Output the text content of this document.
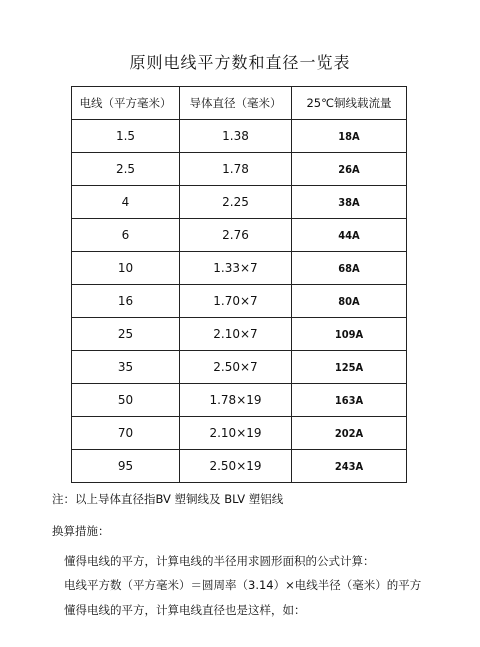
原则电线平方数和直径一览表
电线（平方毫米）	导体直径（毫米）	25℃铜线载流量
1.5	1.38	18A
2.5	1.78	26A
4	2.25	38A
6	2.76	44A
10	1.33×7	68A
16	1.70×7	80A
25	2.10×7	109A
35	2.50×7	125A
50	1.78×19	163A
70	2.10×19	202A
95	2.50×19	243A
注：以上导体直径指BV 塑铜线及 BLV 塑铝线
换算措施：
懂得电线的平方，计算电线的半径用求圆形面积的公式计算：
电线平方数（平方毫米）＝圆周率（3.14）×电线半径（毫米）的平方
懂得电线的平方，计算电线直径也是这样，如：
